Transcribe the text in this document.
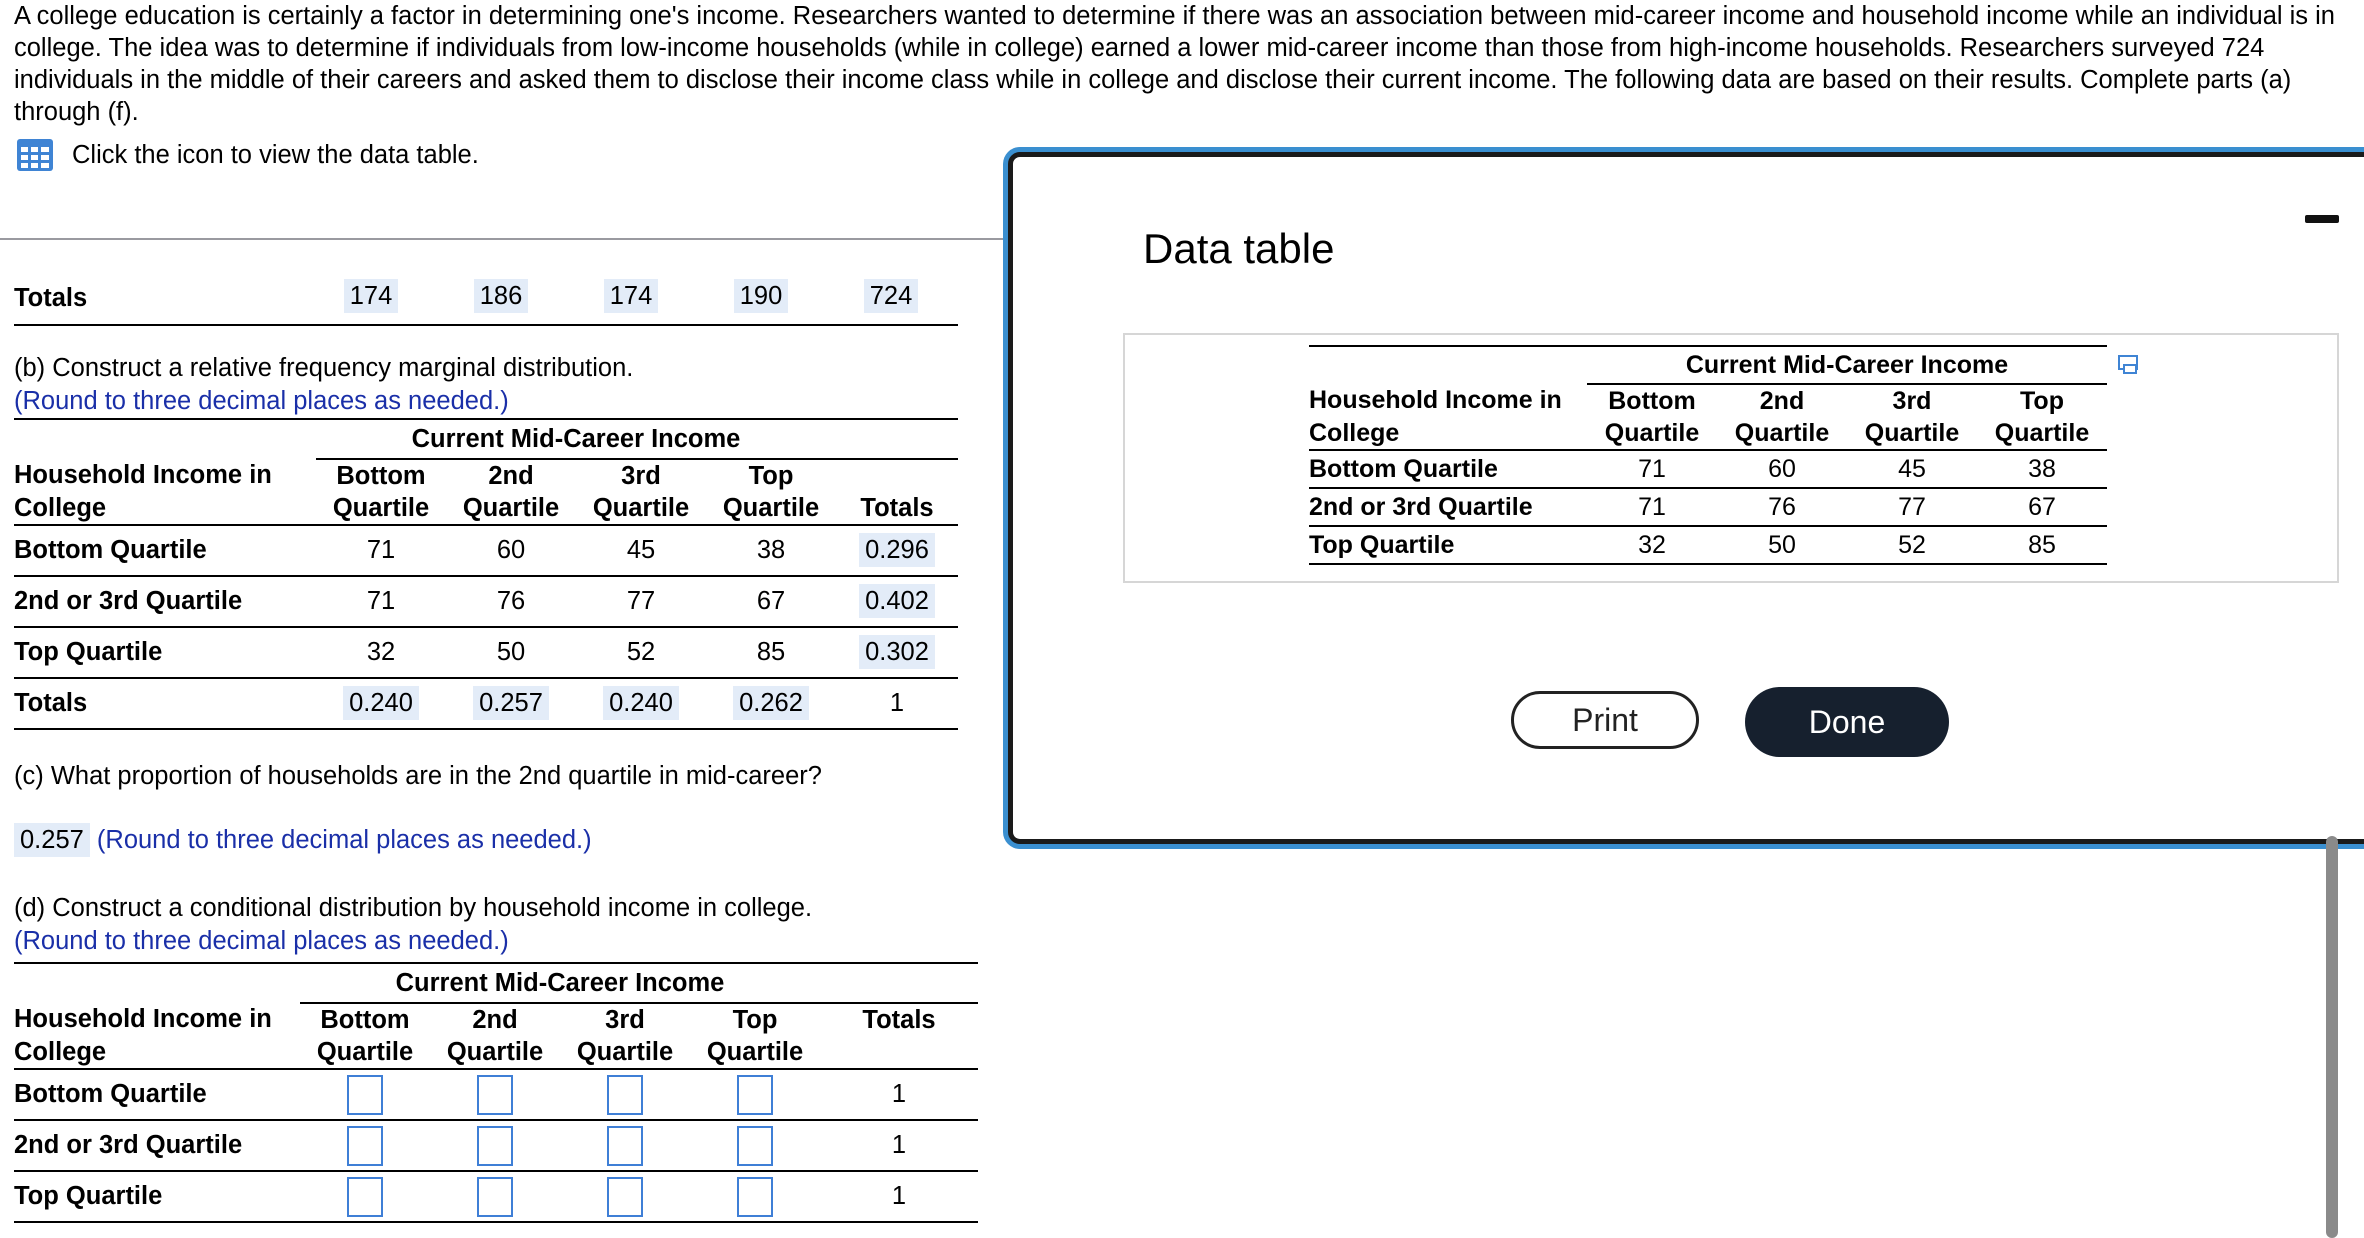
A college education is certainly a factor in determining one's income. Researchers wanted to determine if there was an association between mid-career income and household income while an individual is in college. The idea was to determine if individuals from low-income households (while in college) earned a lower mid-career income than those from high-income households. Researchers surveyed 724 individuals in the middle of their careers and asked them to disclose their income class while in college and disclose their current income. The following data are based on their results. Complete parts (a) through (f).
Click the icon to view the data table.
Totals	174	186	174	190	724
(b) Construct a relative frequency marginal distribution.
(Round to three decimal places as needed.)
	Current Mid-Career Income				
Household Income in	Bottom	2nd	3rd	Top	
College	Quartile	Quartile	Quartile	Quartile	Totals
Bottom Quartile	71	60	45	38	0.296
2nd or 3rd Quartile	71	76	77	67	0.402
Top Quartile	32	50	52	85	0.302
Totals	0.240	0.257	0.240	0.262	1
(c) What proportion of households are in the 2nd quartile in mid-career?
0.257 (Round to three decimal places as needed.)
(d) Construct a conditional distribution by household income in college.
(Round to three decimal places as needed.)
	Current Mid-Career Income				
Household Income in	Bottom	2nd	3rd	Top	Totals
College	Quartile	Quartile	Quartile	Quartile	
Bottom Quartile					1
2nd or 3rd Quartile					1
Top Quartile					1
Data table
	Current Mid-Career Income			
Household Income in	Bottom	2nd	3rd	Top
College	Quartile	Quartile	Quartile	Quartile
Bottom Quartile	71	60	45	38
2nd or 3rd Quartile	71	76	77	67
Top Quartile	32	50	52	85
Print	Done
